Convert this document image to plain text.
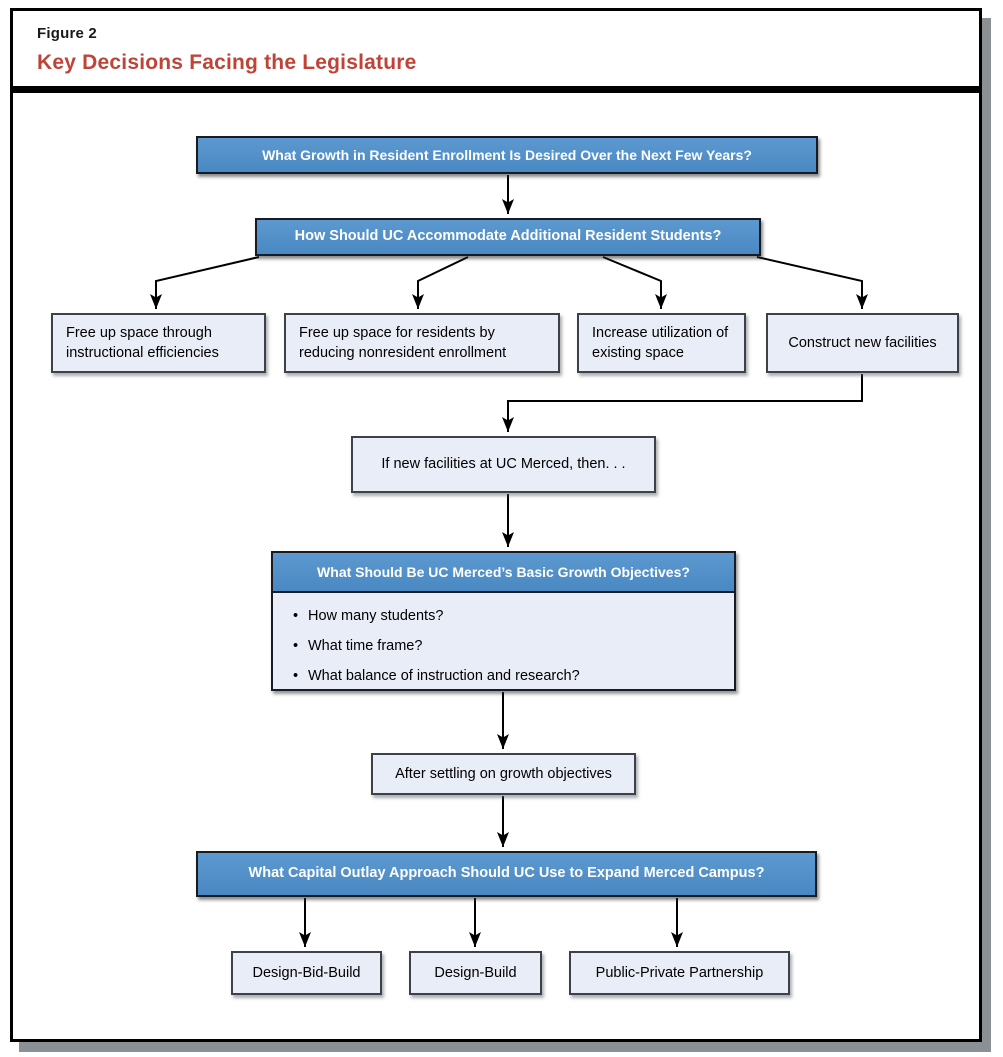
Figure 2
Key Decisions Facing the Legislature
What Growth in Resident Enrollment Is Desired Over the Next Few Years?
How Should UC Accommodate Additional Resident Students?
Free up space through instructional efficiencies
Free up space for residents by reducing nonresident enrollment
Increase utilization of existing space
Construct new facilities
If new facilities at UC Merced, then. . .
What Should Be UC Merced’s Basic Growth Objectives?
• How many students?
• What time frame?
• What balance of instruction and research?
After settling on growth objectives
What Capital Outlay Approach Should UC Use to Expand Merced Campus?
Design-Bid-Build	Design-Build	Public-Private Partnership
